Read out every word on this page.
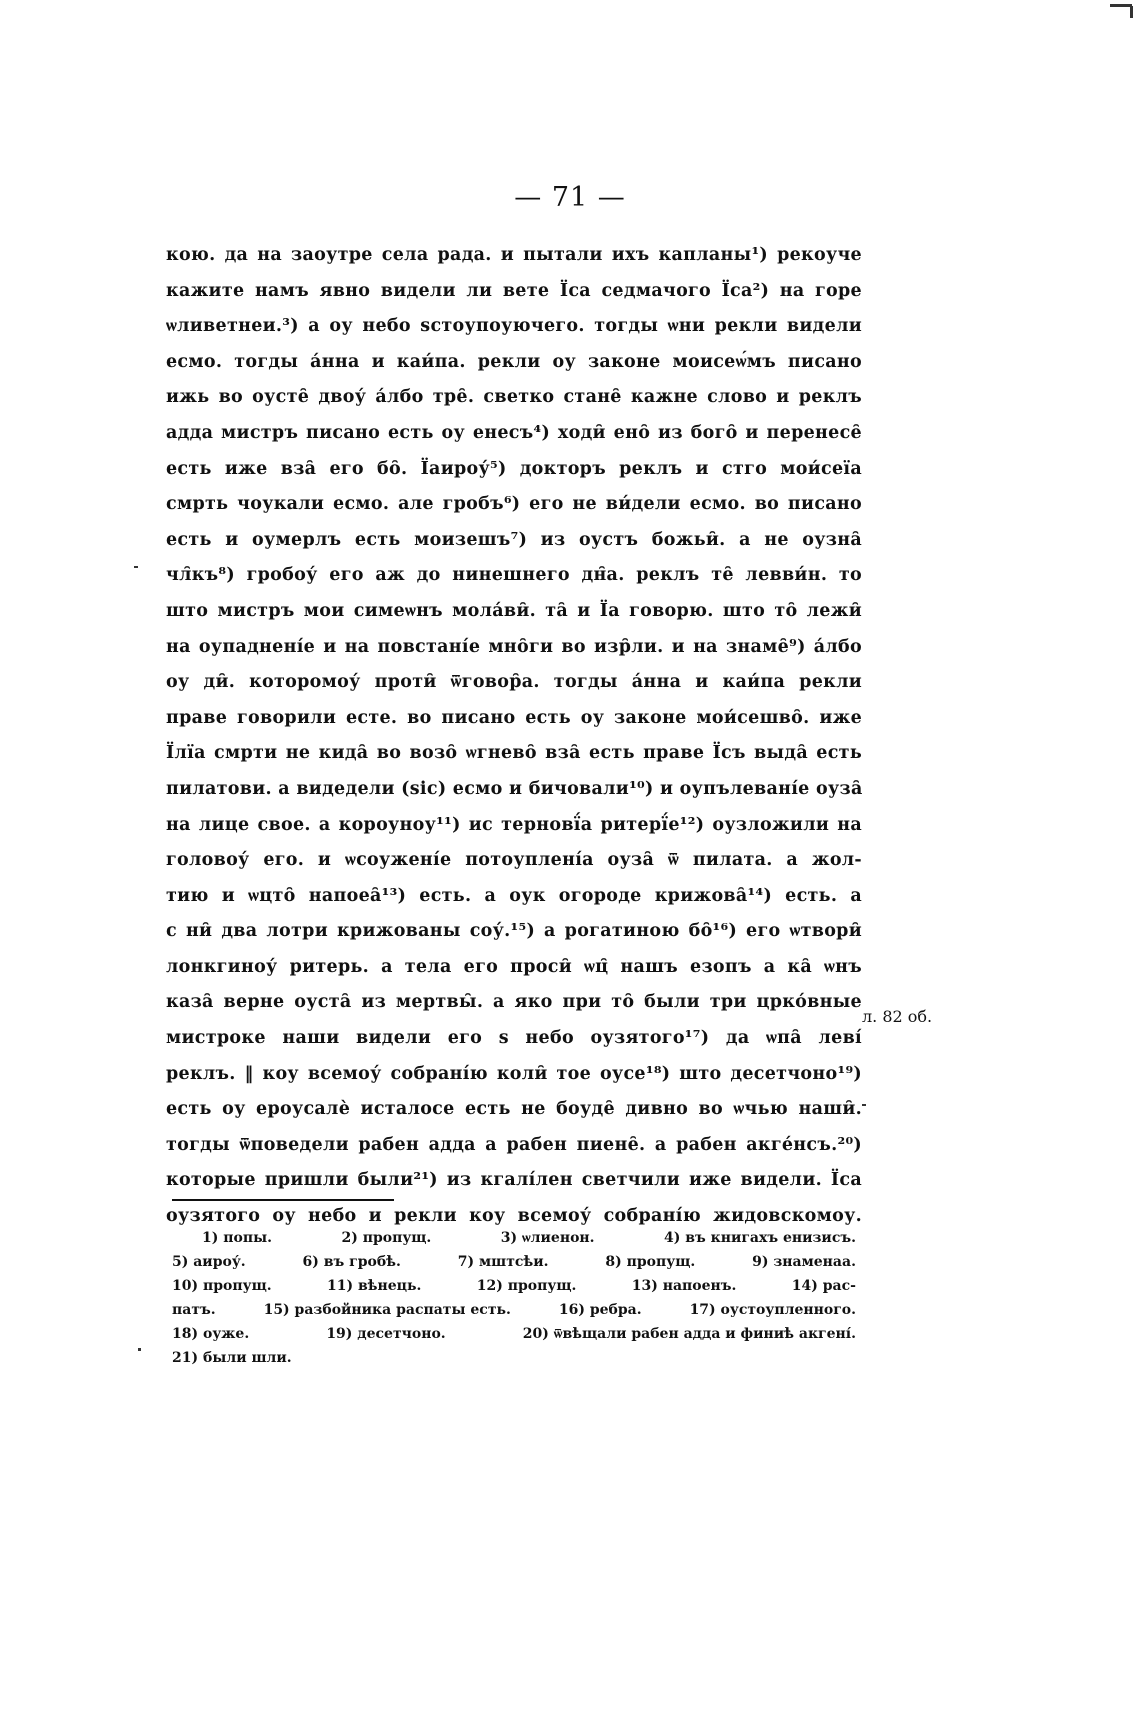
— 71 —
кою. да на заоутре села рада. и пытали ихъ капланы¹) рекоуче
кажите намъ явно видели ли вете Їса седмачого Їса²) на горе
ѡливетнеи.³) а оу небо ѕстоупоуючего. тогды ѡни рекли видели
есмо. тогды а́нна и каи́па. рекли оу законе моисеѡ́мъ писано
ижь во оусте̑ двоу́ а́лбо тре̑. светко стане̑ кажне слово и реклъ
адда мистръ писано есть оу енесъ⁴) ходи̑ ено̑ из бого̑ и перенесе̑
есть иже вза̑ его бо̑. Їаироу́⁵) докторъ реклъ и стго мои́сеїа
смрть чоукали есмо. але гробъ⁶) его не ви́дели есмо. во писано
есть и оумерлъ есть моизешъ⁷) из оустъ божьи̑. а не оузна̑
чл̑къ⁸) гробоу́ его аж до нинешнего дн̑а. реклъ те̑ левви́н. то
што мистръ мои симеѡнъ мола́ви̑. та̑ и Їа говорю. што то̑ лежи̑
на оупаднені́е и на повстані́е мно̑ги во изр̑ли. и на знаме̑⁹) а́лбо
оу ди̑. которомоу́ проти̑ ѿговор̑а. тогды а́нна и каи́па рекли
праве говорили есте. во писано есть оу законе мои́сешво̑. иже
Їлїа смрти не кида̑ во возо̑ ѡгнево̑ вза̑ есть праве Їсъ выда̑ есть
пилатови. а видедели (sic) есмо и бичовали¹⁰) и оупълевані́е оуза̑
на лице свое. а короуноу¹¹) ис терновї́а ритерї́е¹²) оузложили на
головоу́ его. и ѡсоужені́е потоуплені́а оуза̑ ѿ пилата. а жол-
тию и ѡцто̑ напоеа̑¹³) есть. а оук огороде крижова̑¹⁴) есть. а
с ни̑ два лотри крижованы соу́.¹⁵) а рогатиною бо̑¹⁶) его ѡтвори̑
лонкгиноу́ ритерь. а тела его проси̑ ѡц̑ нашъ езопъ а ка̑ ѡнъ
каза̑ верне оуста̑ из мертвы̑. а яко при то̑ были три црко́вные
мистроке наши видели его ѕ небо оузятого¹⁷) да ѡпа̑ леві́
реклъ. ‖ коу всемоу́ собрані́ю коли̑ тое оусе¹⁸) што десетчоно¹⁹)
есть оу ероусалѐ исталосе есть не боуде̑ дивно во ѡчью наши̑.
тогды ѿповедели рабен адда а рабен пиене̑. а рабен акге́нсъ.²⁰)
которые пришли были²¹) из кгалі́лен светчили иже видели. Їса
оузятого оу небо и рекли коу всемоу́ собрані́ю жидовскомоу.
л. 82 об.
1) попы.	2) пропущ.	3) ѡлиенон.	4) въ книгахъ енизисъ.
5) аироу́.	6) въ гробѣ.	7) мштсѣи.	8) пропущ.	9) знаменаа.
10) пропущ.	11) вѣнець.	12) пропущ.	13) напоенъ.	14) рас-
патъ.	15) разбойника распаты есть.	16) ребра.	17) оустоуплeнного.
18) оуже.	19) десетчоно.	20) ѿвѣщали рабен адда и финиѣ акгені́.
21) были шли.
